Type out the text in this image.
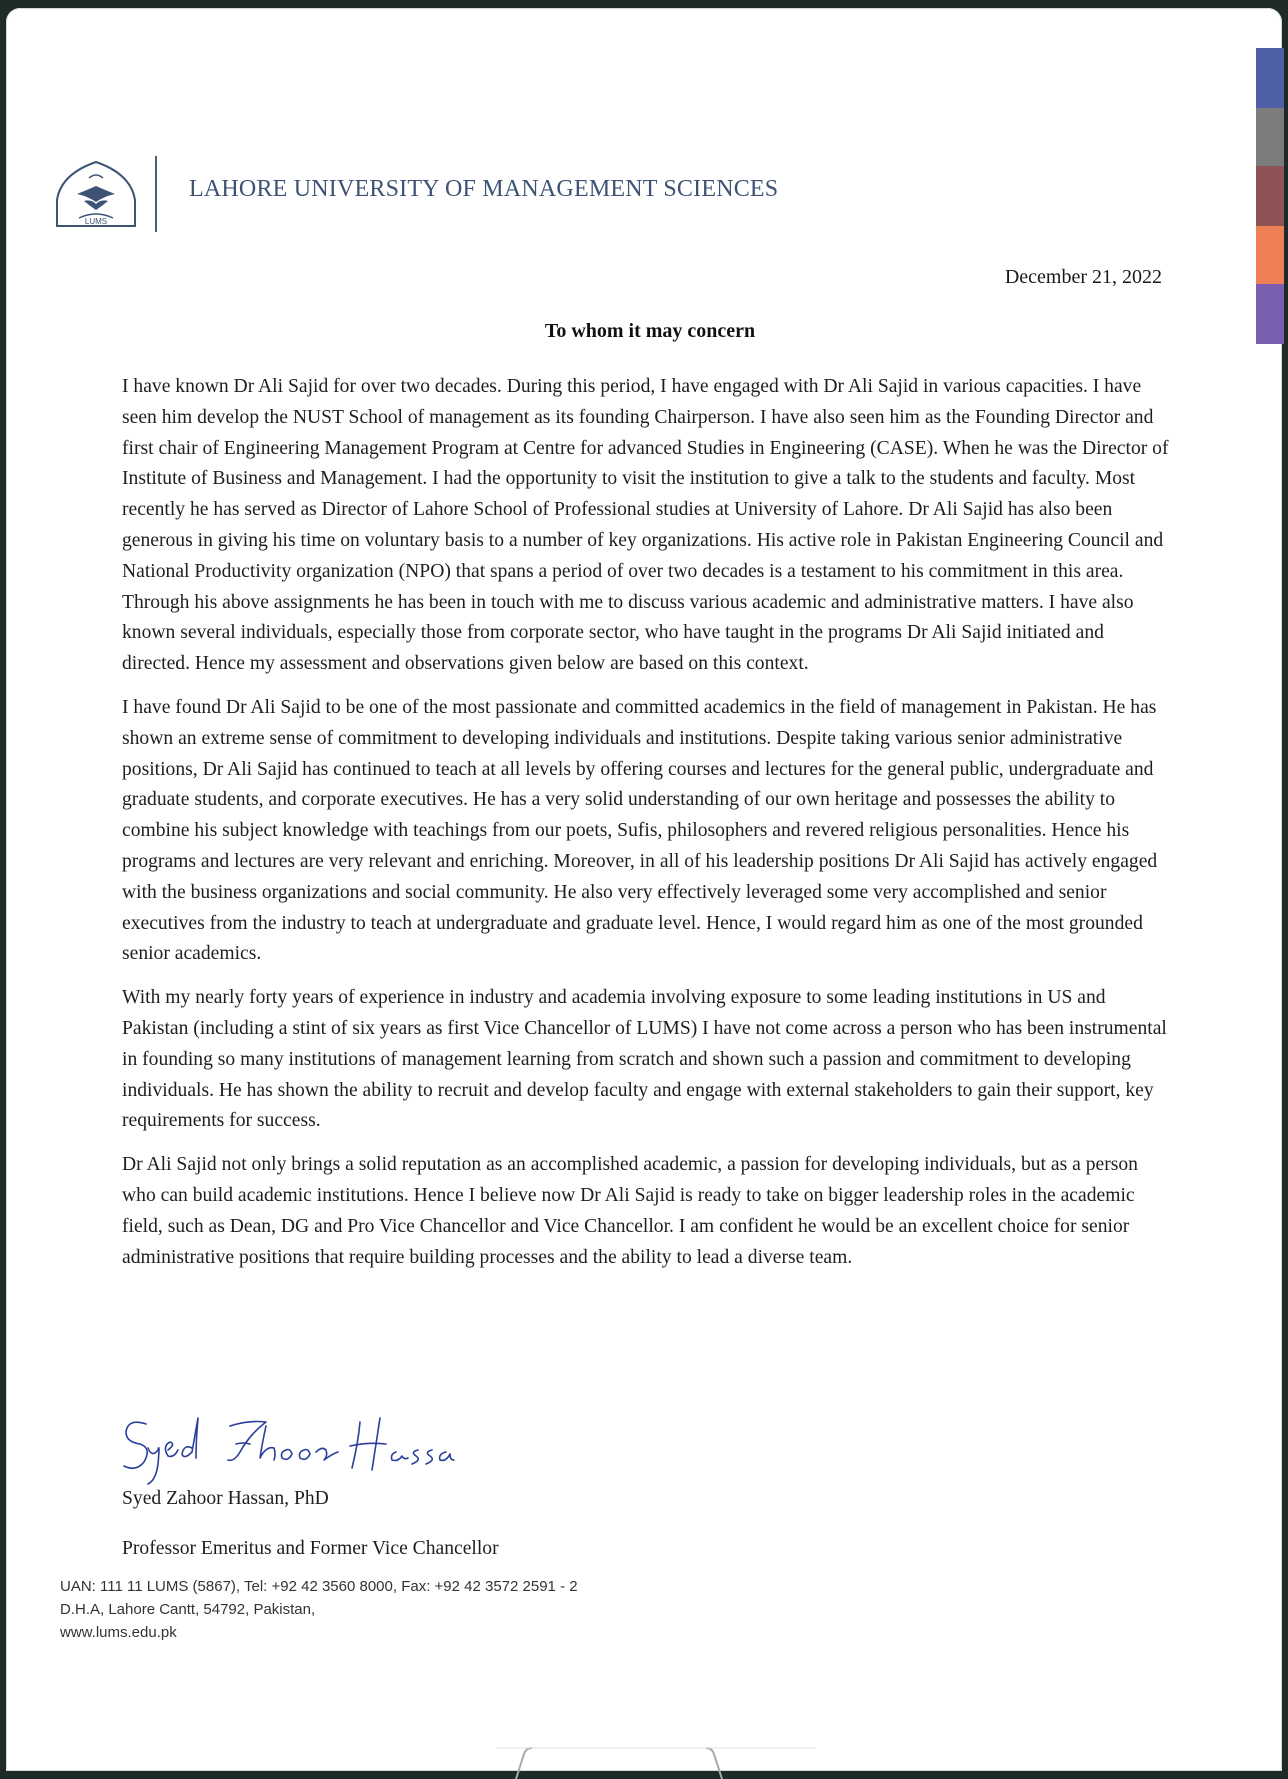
LUMS
LAHORE UNIVERSITY OF MANAGEMENT SCIENCES
December 21, 2022
To whom it may concern

I have known Dr Ali Sajid for over two decades. During this period, I have engaged with Dr Ali Sajid in various capacities. I have seen him develop the NUST School of management as its founding Chairperson. I have also seen him as the Founding Director and first chair of Engineering Management Program at Centre for advanced Studies in Engineering (CASE). When he was the Director of Institute of Business and Management. I had the opportunity to visit the institution to give a talk to the students and faculty. Most recently he has served as Director of Lahore School of Professional studies at University of Lahore. Dr Ali Sajid has also been generous in giving his time on voluntary basis to a number of key organizations. His active role in Pakistan Engineering Council and National Productivity organization (NPO) that spans a period of over two decades is a testament to his commitment in this area. Through his above assignments he has been in touch with me to discuss various academic and administrative matters. I have also known several individuals, especially those from corporate sector, who have taught in the programs Dr Ali Sajid initiated and directed. Hence my assessment and observations given below are based on this context.

I have found Dr Ali Sajid to be one of the most passionate and committed academics in the field of management in Pakistan. He has shown an extreme sense of commitment to developing individuals and institutions. Despite taking various senior administrative positions, Dr Ali Sajid has continued to teach at all levels by offering courses and lectures for the general public, undergraduate and graduate students, and corporate executives. He has a very solid understanding of our own heritage and possesses the ability to combine his subject knowledge with teachings from our poets, Sufis, philosophers and revered religious personalities. Hence his programs and lectures are very relevant and enriching. Moreover, in all of his leadership positions Dr Ali Sajid has actively engaged with the business organizations and social community. He also very effectively leveraged some very accomplished and senior executives from the industry to teach at undergraduate and graduate level. Hence, I would regard him as one of the most grounded senior academics.

With my nearly forty years of experience in industry and academia involving exposure to some leading institutions in US and Pakistan (including a stint of six years as first Vice Chancellor of LUMS) I have not come across a person who has been instrumental in founding so many institutions of management learning from scratch and shown such a passion and commitment to developing individuals. He has shown the ability to recruit and develop faculty and engage with external stakeholders to gain their support, key requirements for success.

Dr Ali Sajid not only brings a solid reputation as an accomplished academic, a passion for developing individuals, but as a person who can build academic institutions. Hence I believe now Dr Ali Sajid is ready to take on bigger leadership roles in the academic field, such as Dean, DG and Pro Vice Chancellor and Vice Chancellor. I am confident he would be an excellent choice for senior administrative positions that require building processes and the ability to lead a diverse team.

Syed Zahoor Hassan, PhD
Professor Emeritus and Former Vice Chancellor
UAN: 111 11 LUMS (5867), Tel: +92 42 3560 8000, Fax: +92 42 3572 2591 - 2
D.H.A, Lahore Cantt, 54792, Pakistan,
www.lums.edu.pk
